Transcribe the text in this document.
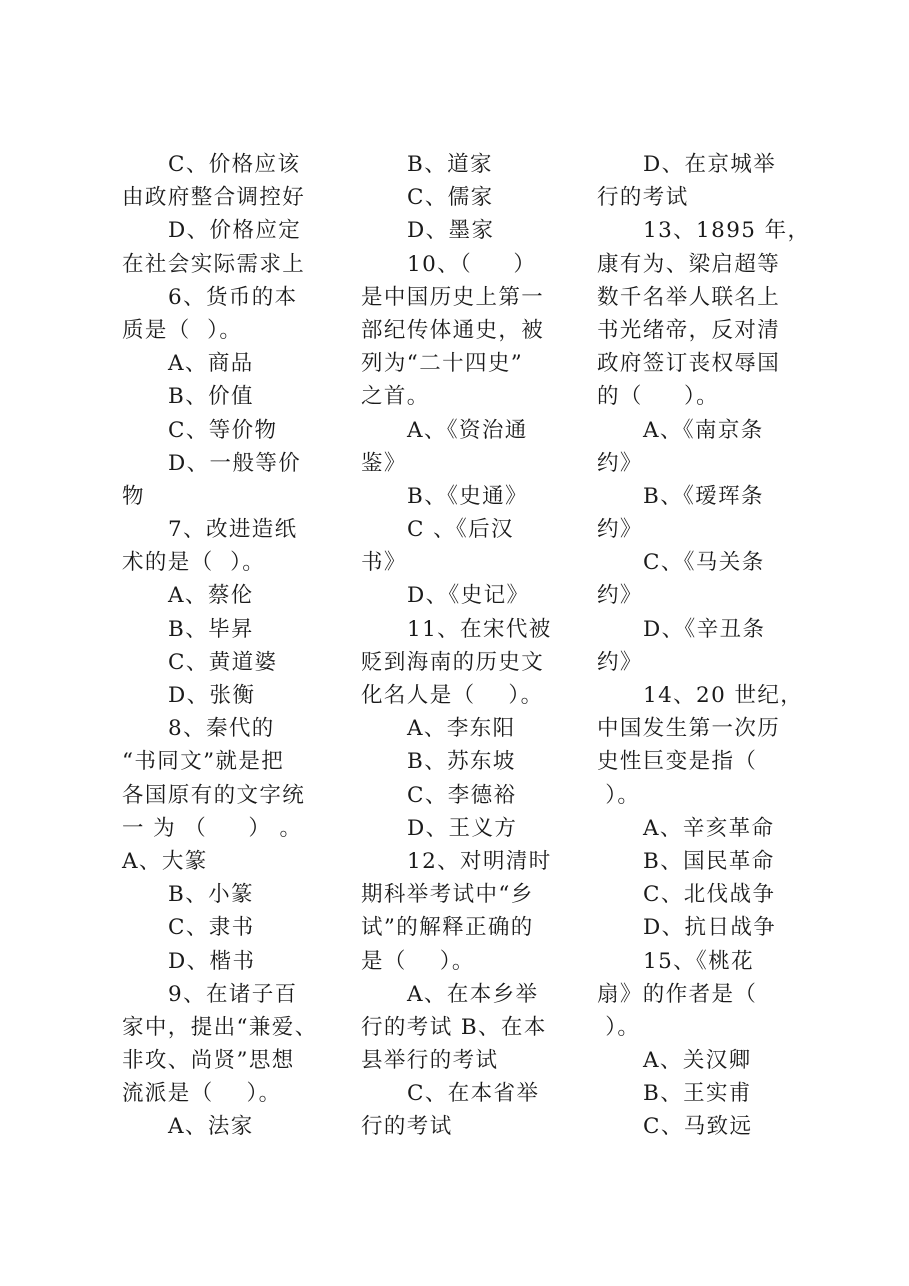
C、价格应该
由政府整合调控好
D、价格应定
在社会实际需求上
6、货币的本
质是（  ）。
A、商品
B、价值
C、等价物
D、一般等价
物
7、改进造纸
术的是（  ）。
A、蔡伦
B、毕昇
C、黄道婆
D、张衡
8、秦代的
“书同文”就是把
各国原有的文字统
一 为 （     ） 。
A、大篆
B、小篆
C、隶书
D、楷书
9、在诸子百
家中，提出“兼爱、
非攻、尚贤”思想
流派是（    ）。
A、法家
B、道家
C、儒家
D、墨家
10、（     ）
是中国历史上第一
部纪传体通史，被
列为“二十四史”
之首。
A、《资治通
鉴》
B、《史通》
C 、《后汉
书》
D、《史记》
11、在宋代被
贬到海南的历史文
化名人是（    ）。
A、李东阳
B、苏东坡
C、李德裕
D、王义方
12、对明清时
期科举考试中“乡
试”的解释正确的
是（    ）。
A、在本乡举
行的考试 B、在本
县举行的考试
C、在本省举
行的考试
D、在京城举
行的考试
13、1895 年，
康有为、梁启超等
数千名举人联名上
书光绪帝，反对清
政府签订丧权辱国
的（     ）。
A、《南京条
约》
B、《瑷珲条
约》
C、《马关条
约》
D、《辛丑条
约》
14、20 世纪，
中国发生第一次历
史性巨变是指（
）。
A、辛亥革命
B、国民革命
C、北伐战争
D、抗日战争
15、《桃花
扇》的作者是（
）。
A、关汉卿
B、王实甫
C、马致远
